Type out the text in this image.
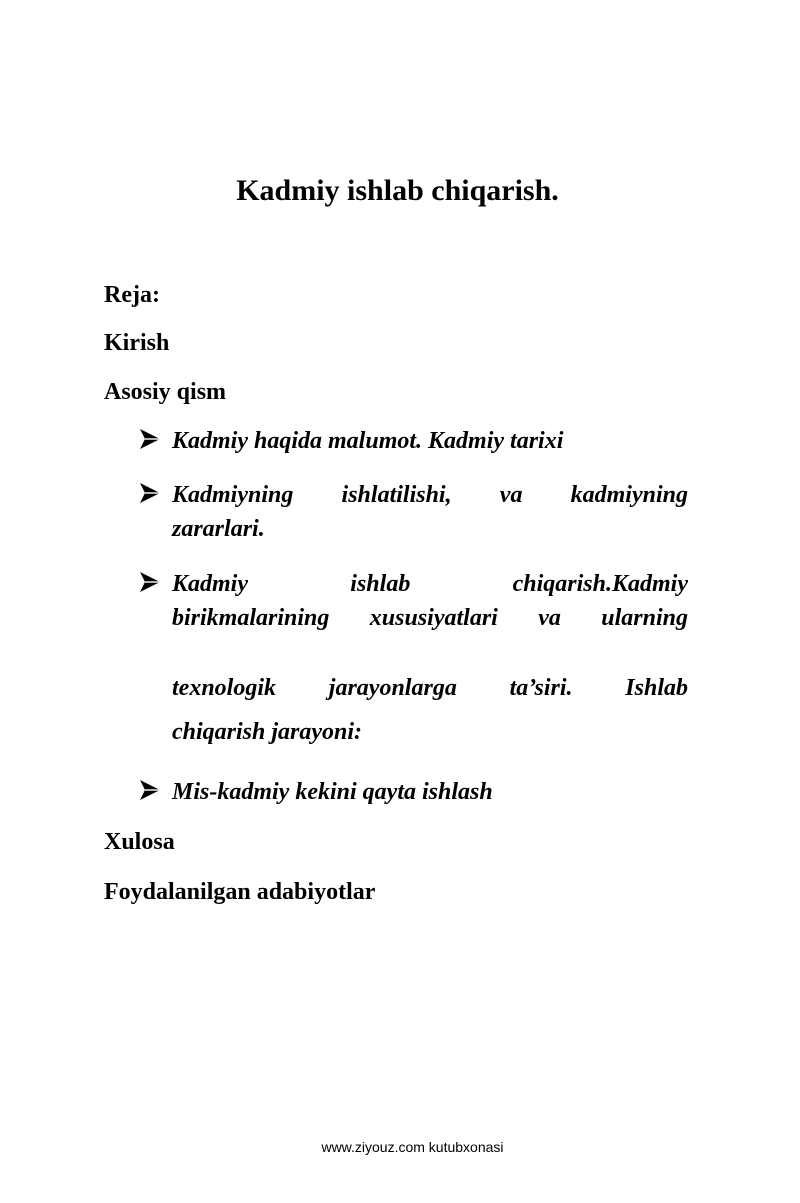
Kadmiy ishlab chiqarish.

Reja:

Kirish

Asosiy qism

Kadmiy haqida malumot. Kadmiy tarixi
Kadmiyning ishlatilishi, va kadmiyning
zararlari.
Kadmiy ishlab chiqarish.Kadmiy
birikmalarining xususiyatlari va ularning
texnologik jarayonlarga ta’siri. Ishlab
chiqarish jarayoni:
Mis-kadmiy kekini qayta ishlash

Xulosa

Foydalanilgan adabiyotlar

www.ziyouz.com kutubxonasi
